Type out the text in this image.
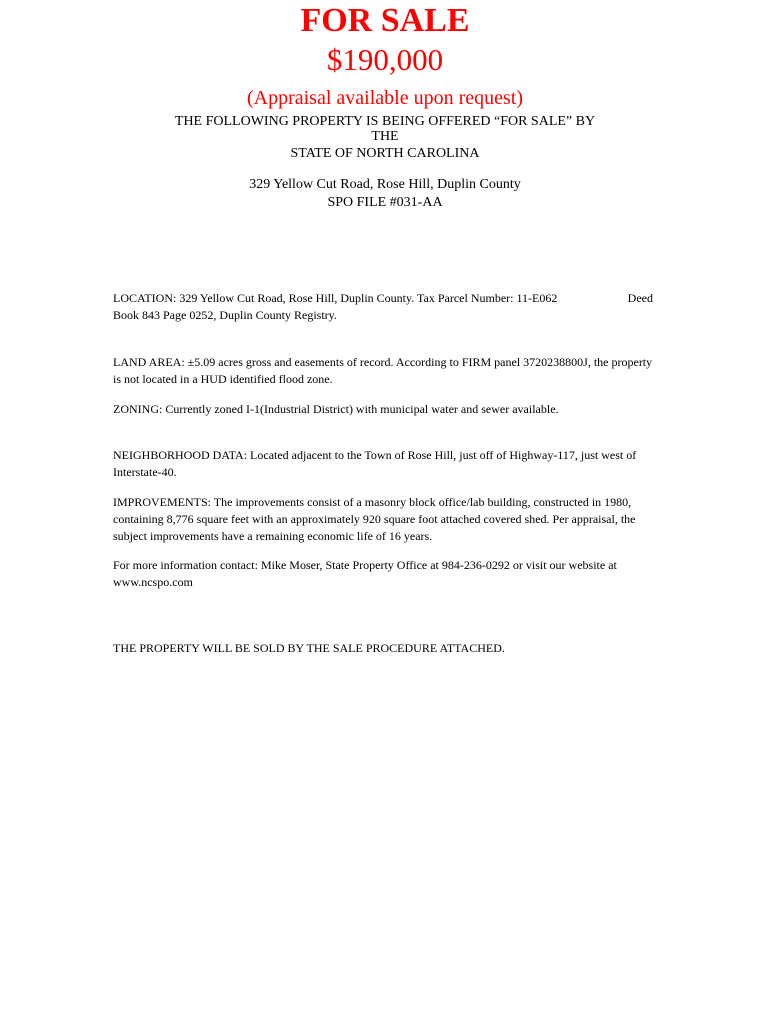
FOR SALE
$190,000
(Appraisal available upon request)
THE FOLLOWING PROPERTY IS BEING OFFERED “FOR SALE” BY
THE
STATE OF NORTH CAROLINA
329 Yellow Cut Road, Rose Hill, Duplin County
SPO FILE #031-AA
LOCATION: 329 Yellow Cut Road, Rose Hill, Duplin County. Tax Parcel Number: 11-E062	Deed
Book 843 Page 0252, Duplin County Registry.
LAND AREA: ±5.09 acres gross and easements of record. According to FIRM panel 3720238800J, the property is not located in a HUD identified flood zone.
ZONING: Currently zoned I-1(Industrial District) with municipal water and sewer available.
NEIGHBORHOOD DATA: Located adjacent to the Town of Rose Hill, just off of Highway-117, just west of Interstate-40.
IMPROVEMENTS: The improvements consist of a masonry block office/lab building, constructed in 1980, containing 8,776 square feet with an approximately 920 square foot attached covered shed. Per appraisal, the subject improvements have a remaining economic life of 16 years.
For more information contact: Mike Moser, State Property Office at 984-236-0292 or visit our website at www.ncspo.com
THE PROPERTY WILL BE SOLD BY THE SALE PROCEDURE ATTACHED.
